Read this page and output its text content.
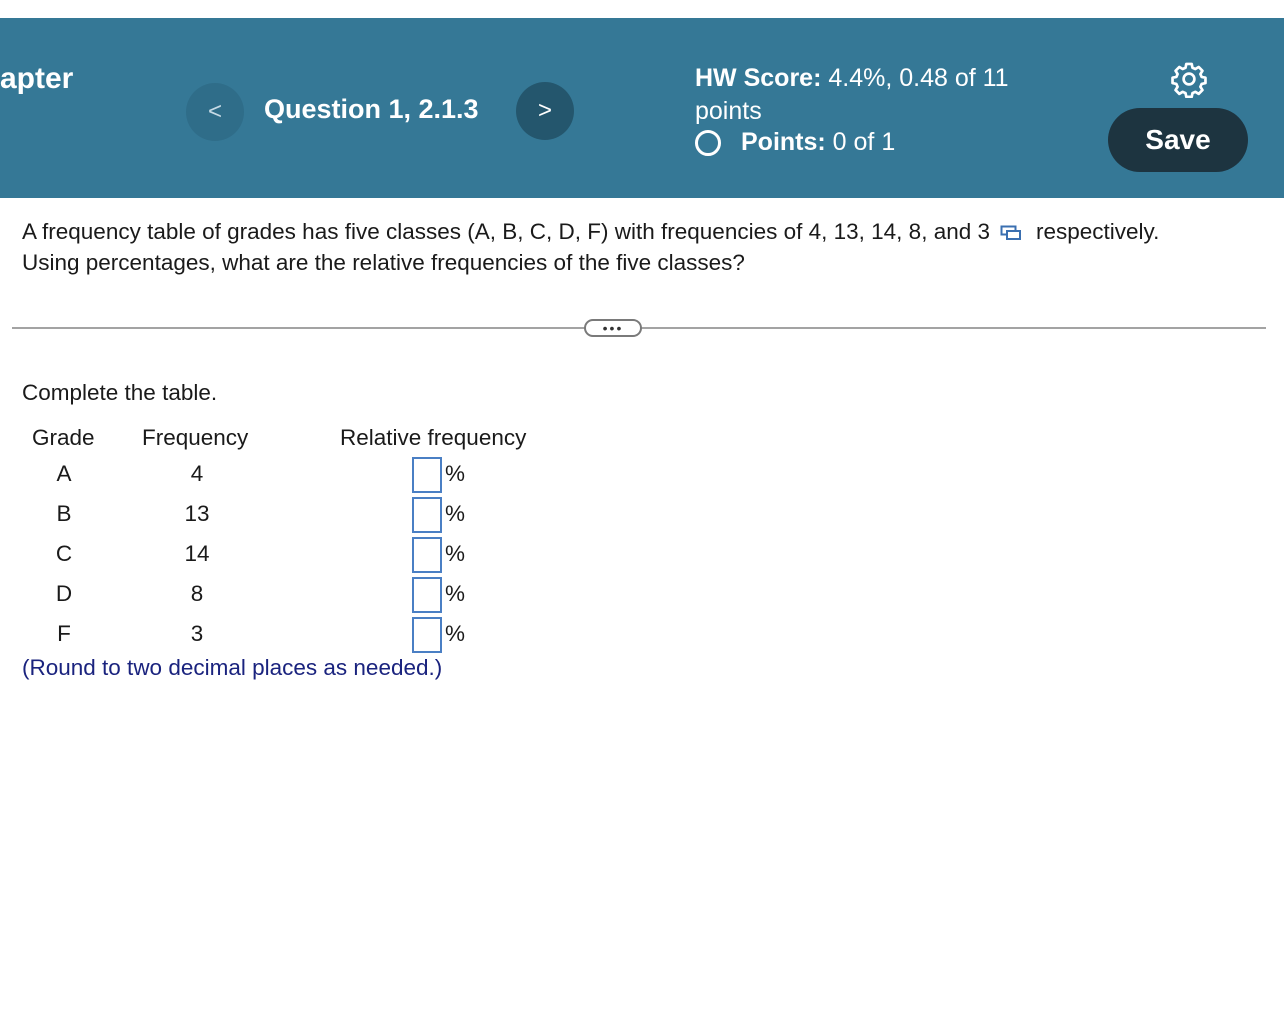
apter
< Question 1, 2.1.3 >
HW Score: 4.4%, 0.48 of 11 points
Points:
0 of 1	Save
A frequency table of grades has five classes (A, B, C, D, F) with frequencies of 4, 13, 14, 8, and 3 respectively.
Using percentages, what are the relative frequencies of the five classes?
•••
Complete the table.
Grade Frequency	Relative frequency
A	4	%
B	13	%
C	14	%
D	8	%
F	3	%
(Round to two decimal places as needed.)
